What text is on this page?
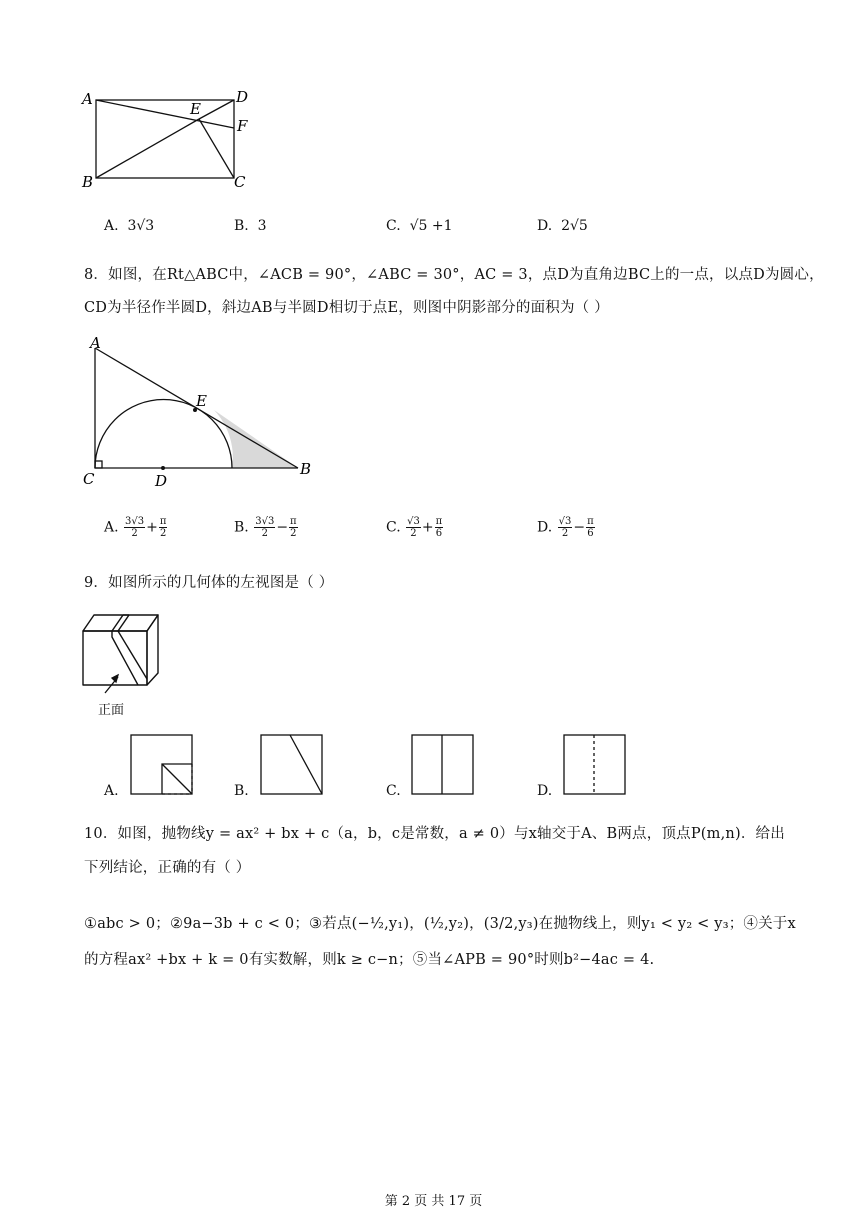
A	D
E
F
B	C
A. 3√3	B. 3	C. √5 +1	D. 2√5
8．如图，在Rt△ABC中，∠ACB = 90°，∠ABC = 30°，AC = 3，点D为直角边BC上的一点，以点D为圆心，
CD为半径作半圆D，斜边AB与半圆D相切于点E，则图中阴影部分的面积为（ ）
A
E
B
C	D
A. $\frac{3√3}{2} + \frac{\pi}{2}$	B. $\frac{3√3}{2} - \frac{\pi}{2}$	C. $\frac{√3}{2} + \frac{\pi}{6}$	D. $\frac{√3}{2} - \frac{\pi}{6}$
9．如图所示的几何体的左视图是（ ）
正面
A.	B.	C.	D.
10．如图，抛物线y = ax² + bx + c（a，b，c是常数，a ≠ 0）与x轴交于A、B两点，顶点P(m,n)．给出
下列结论，正确的有（ ）
①abc > 0；②9a−3b + c < 0；③若点(−½,y₁)，(½,y₂)，(3/2,y₃)在抛物线上，则y₁ < y₂ < y₃；④关于x
的方程ax² +bx + k = 0有实数解，则k ≥ c−n；⑤当∠APB = 90°时则b²−4ac = 4.
第 2 页 共 17 页
